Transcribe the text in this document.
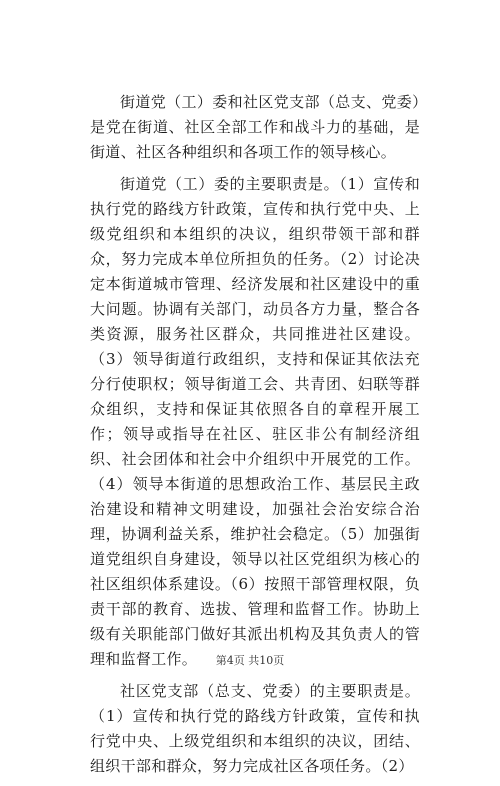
街道党（工）委和社区党支部（总支、党委）是党在街道、社区全部工作和战斗力的基础，是街道、社区各种组织和各项工作的领导核心。

街道党（工）委的主要职责是。（1）宣传和执行党的路线方针政策，宣传和执行党中央、上级党组织和本组织的决议，组织带领干部和群众，努力完成本单位所担负的任务。（2）讨论决定本街道城市管理、经济发展和社区建设中的重大问题。协调有关部门，动员各方力量，整合各类资源，服务社区群众，共同推进社区建设。（3）领导街道行政组织，支持和保证其依法充分行使职权；领导街道工会、共青团、妇联等群众组织，支持和保证其依照各自的章程开展工作；领导或指导在社区、驻区非公有制经济组织、社会团体和社会中介组织中开展党的工作。（4）领导本街道的思想政治工作、基层民主政治建设和精神文明建设，加强社会治安综合治理，协调利益关系，维护社会稳定。（5）加强街道党组织自身建设，领导以社区党组织为核心的社区组织体系建设。（6）按照干部管理权限，负责干部的教育、选拔、管理和监督工作。协助上级有关职能部门做好其派出机构及其负责人的管理和监督工作。

社区党支部（总支、党委）的主要职责是。（1）宣传和执行党的路线方针政策，宣传和执行党中央、上级党组织和本组织的决议，团结、组织干部和群众，努力完成社区各项任务。（2）

第4页 共10页
